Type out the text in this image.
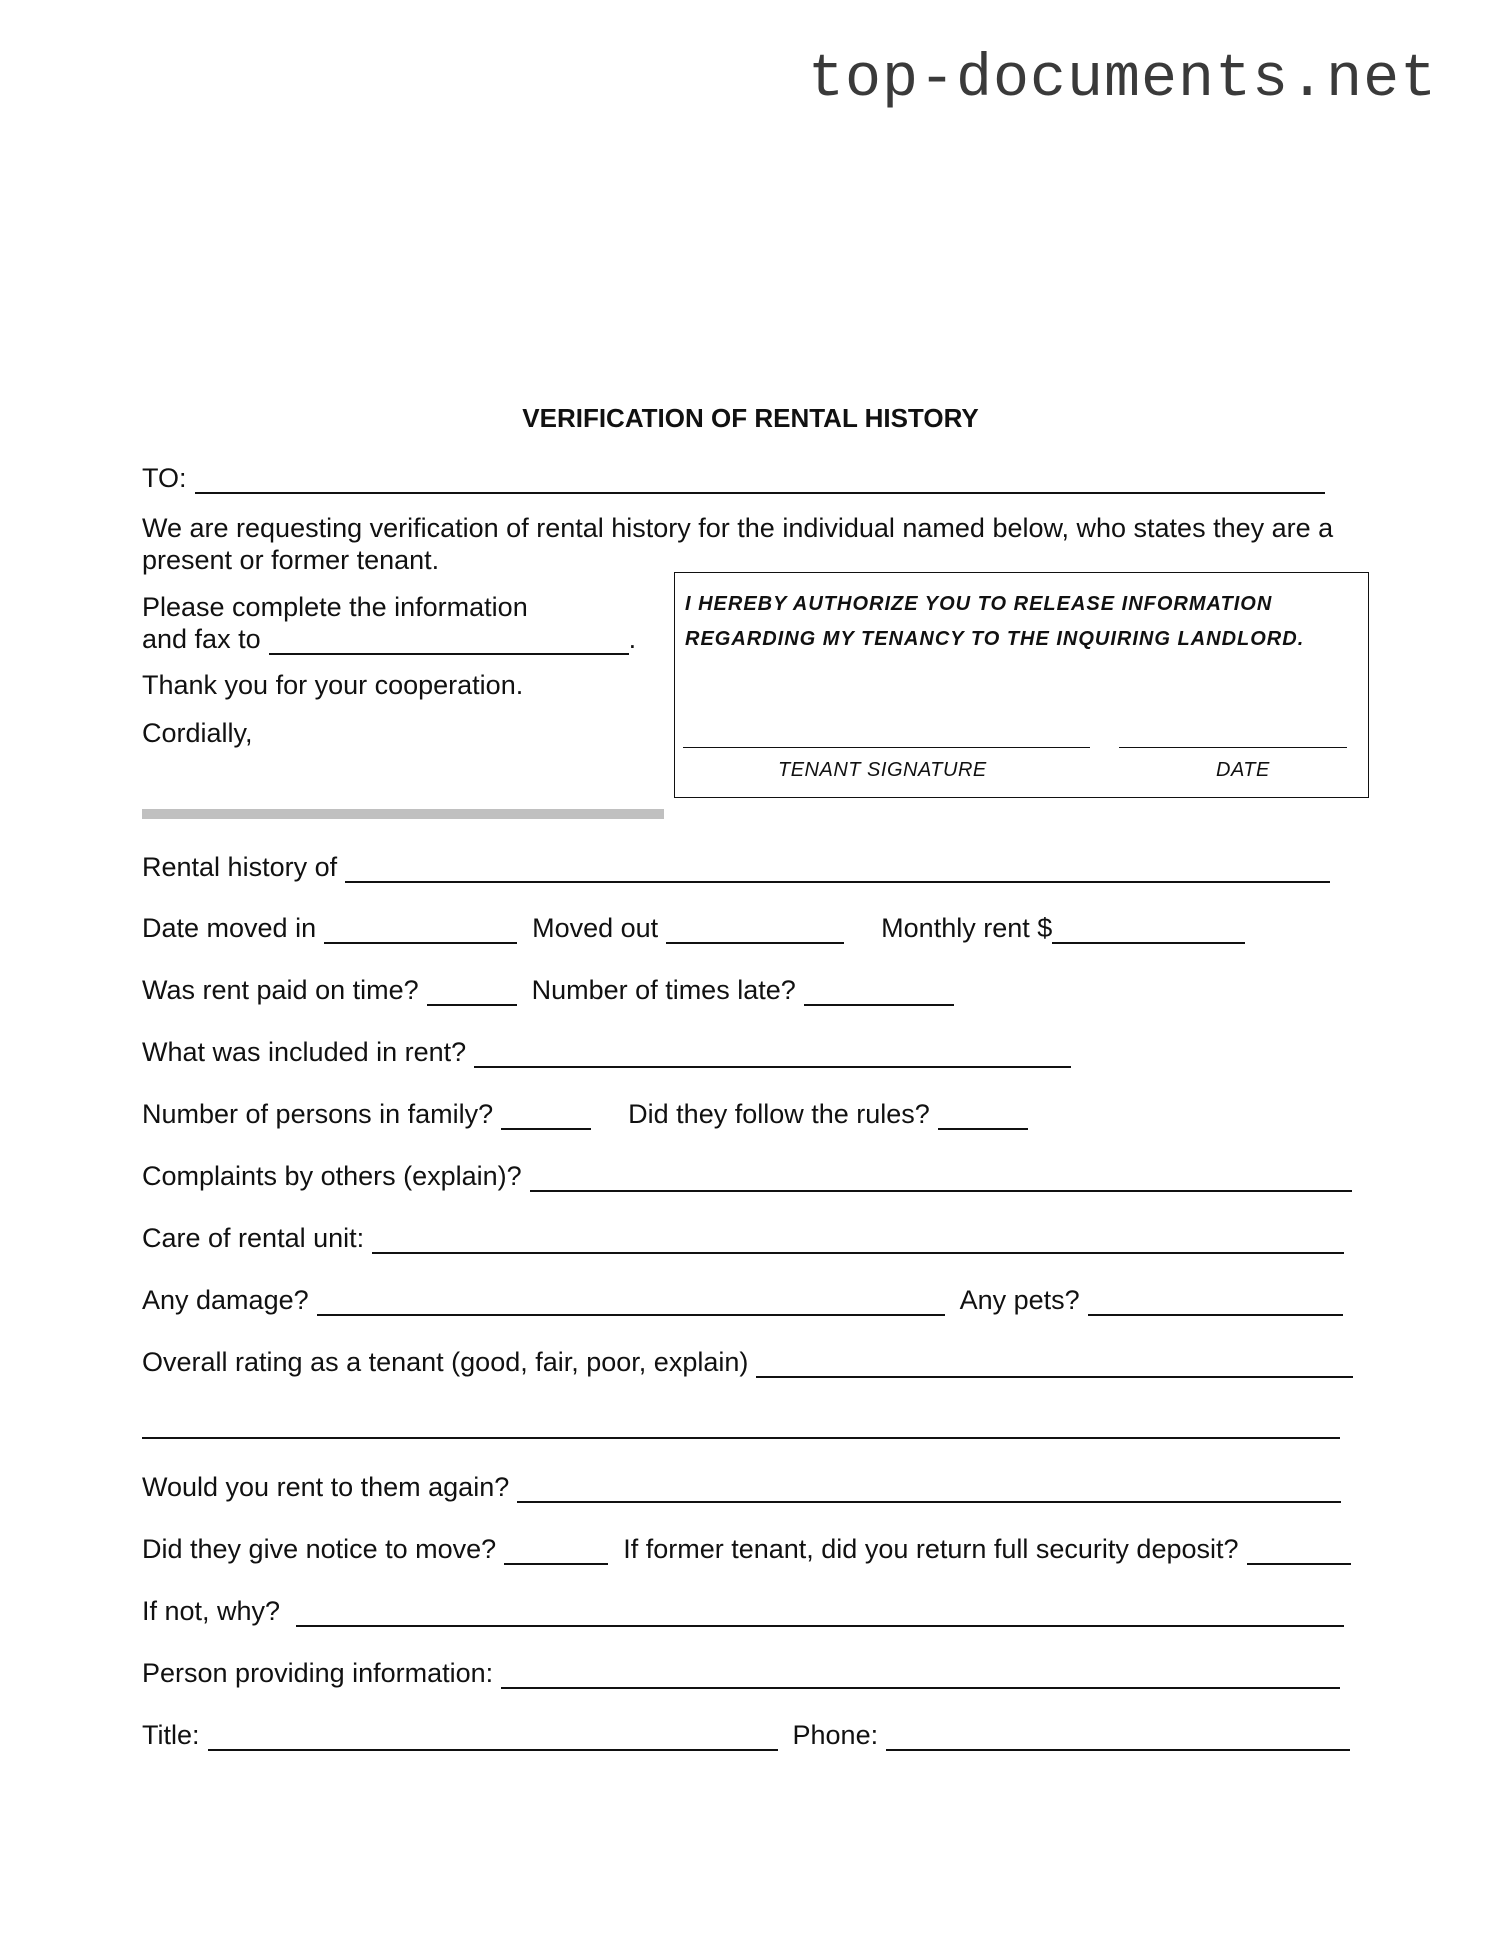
top-documents.net
VERIFICATION OF RENTAL HISTORY
TO:
We are requesting verification of rental history for the individual named below, who states they are a present or former tenant.
Please complete the information
and fax to	.
Thank you for your cooperation.
Cordially,
I HEREBY AUTHORIZE YOU TO RELEASE INFORMATION
REGARDING MY TENANCY TO THE INQUIRING LANDLORD.
TENANT SIGNATURE	DATE
Rental history of
Date moved in	Moved out	Monthly rent $
Was rent paid on time?	Number of times late?
What was included in rent?
Number of persons in family?	Did they follow the rules?
Complaints by others (explain)?
Care of rental unit:
Any damage?	Any pets?
Overall rating as a tenant (good, fair, poor, explain)
Would you rent to them again?
Did they give notice to move?	If former tenant, did you return full security deposit?
If not, why?
Person providing information:
Title:	Phone:
